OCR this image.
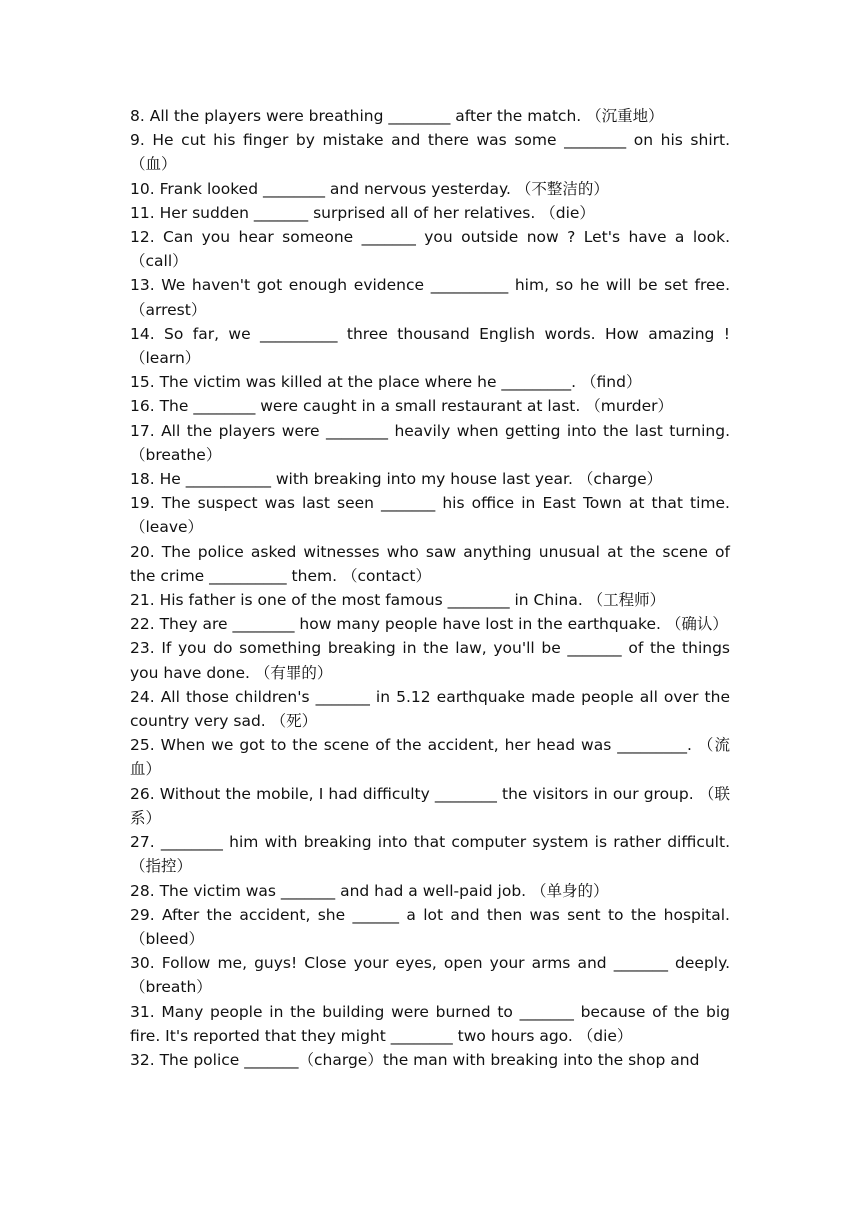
8. All the players were breathing ________ after the match. （沉重地）

9. He cut his finger by mistake and there was some ________ on his shirt. （血）

10. Frank looked ________ and nervous yesterday. （不整洁的）

11. Her sudden _______ surprised all of her relatives. （die）

12. Can you hear someone _______ you outside now ? Let's have a look. （call）

13. We haven't got enough evidence __________ him, so he will be set free. （arrest）

14. So far, we __________ three thousand English words. How amazing ! （learn）

15. The victim was killed at the place where he _________. （find）

16. The ________ were caught in a small restaurant at last. （murder）

17. All the players were ________ heavily when getting into the last turning. （breathe）

18. He ___________ with breaking into my house last year. （charge）

19. The suspect was last seen _______ his office in East Town at that time. （leave）

20. The police asked witnesses who saw anything unusual at the scene of the crime __________ them. （contact）

21. His father is one of the most famous ________ in China. （工程师）

22. They are ________ how many people have lost in the earthquake. （确认）

23. If you do something breaking in the law, you'll be _______ of the things you have done. （有罪的）

24. All those children's _______ in 5.12 earthquake made people all over the country very sad. （死）

25. When we got to the scene of the accident, her head was _________. （流血）

26. Without the mobile, I had difficulty ________ the visitors in our group. （联系）

27. ________ him with breaking into that computer system is rather difficult. （指控）

28. The victim was _______ and had a well-paid job. （单身的）

29. After the accident, she ______ a lot and then was sent to the hospital. （bleed）

30. Follow me, guys! Close your eyes, open your arms and _______ deeply. （breath）

31. Many people in the building were burned to _______ because of the big fire. It's reported that they might ________ two hours ago. （die）

32. The police _______（charge）the man with breaking into the shop and
